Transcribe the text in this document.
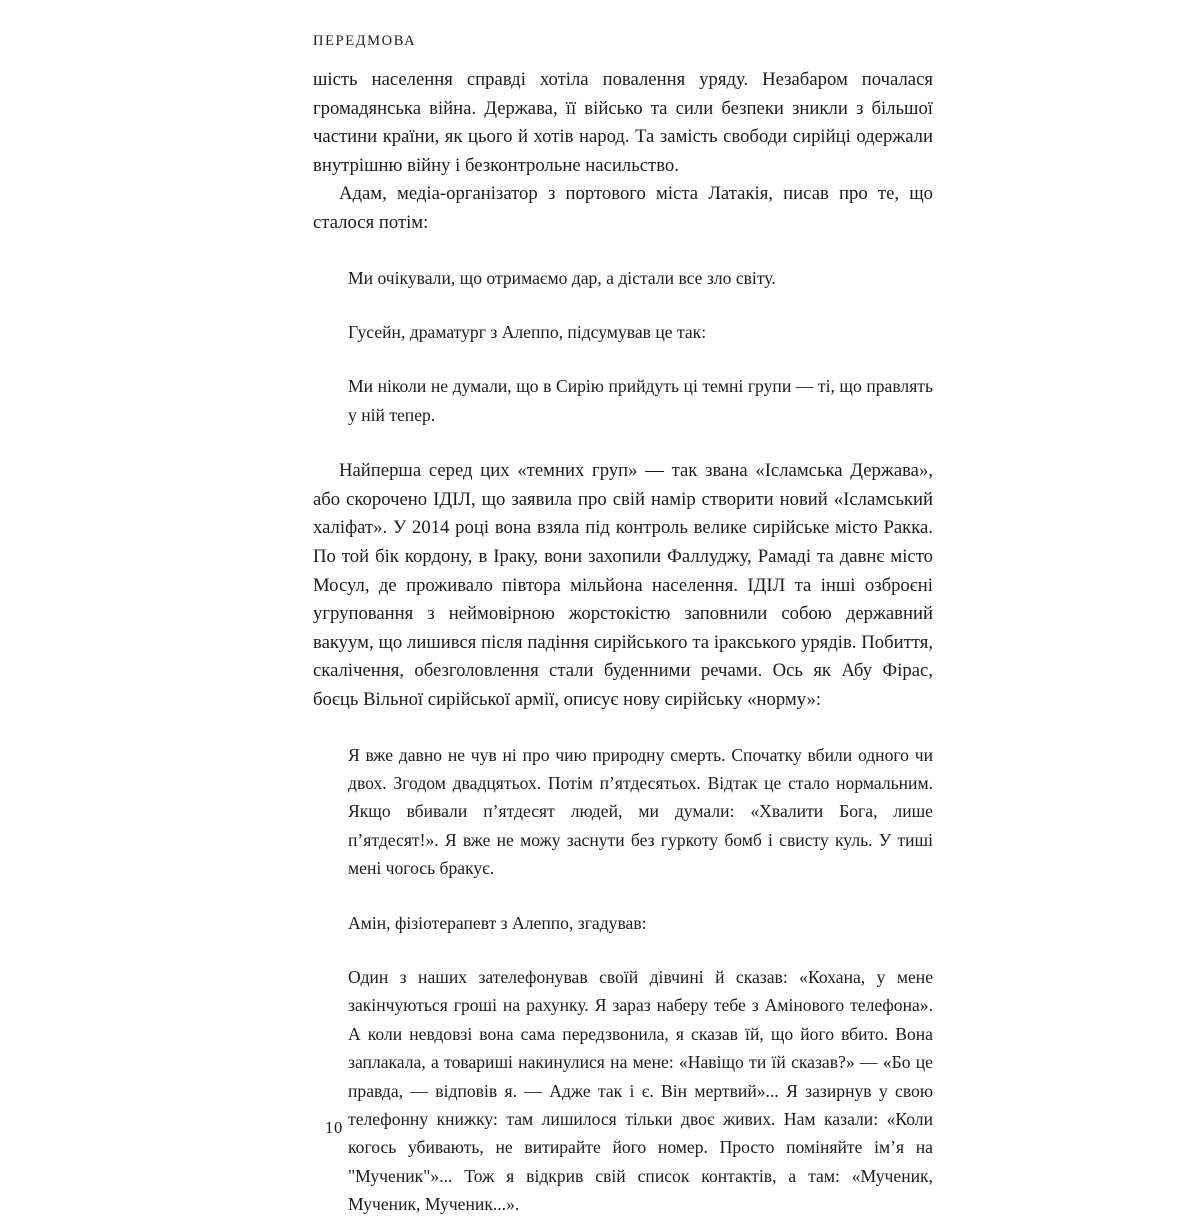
ПЕРЕДМОВА

шість населення справді хотіла повалення уряду. Незабаром почалася громадянська війна. Держава, її військо та сили безпеки зникли з більшої частини країни, як цього й хотів народ. Та замість свободи сирійці одержали внутрішню війну і безконтрольне насильство.

Адам, медіа-організатор з портового міста Латакія, писав про те, що сталося потім:

Ми очікували, що отримаємо дар, а дістали все зло світу.

Гусейн, драматург з Алеппо, підсумував це так:

Ми ніколи не думали, що в Сирію прийдуть ці темні групи — ті, що правлять у ній тепер.

Найперша серед цих «темних груп» — так звана «Ісламська Держава», або скорочено ІДІЛ, що заявила про свій намір створити новий «Ісламський халіфат». У 2014 році вона взяла під контроль велике сирійське місто Ракка. По той бік кордону, в Іраку, вони захопили Фаллуджу, Рамаді та давнє місто Мосул, де проживало півтора мільйона населення. ІДІЛ та інші озброєні угруповання з неймовірною жорстокістю заповнили собою державний вакуум, що лишився після падіння сирійського та іракського урядів. Побиття, скалічення, обезголовлення стали буденними речами. Ось як Абу Фірас, боєць Вільної сирійської армії, описує нову сирійську «норму»:

Я вже давно не чув ні про чию природну смерть. Спочатку вбили одного чи двох. Згодом двадцятьох. Потім п’ятдесятьох. Відтак це стало нормальним. Якщо вбивали п’ятдесят людей, ми думали: «Хвалити Бога, лише п’ятдесят!». Я вже не можу заснути без гуркоту бомб і свисту куль. У тиші мені чогось бракує.

Амін, фізіотерапевт з Алеппо, згадував:

Один з наших зателефонував своїй дівчині й сказав: «Кохана, у мене закінчуються гроші на рахунку. Я зараз наберу тебе з Амінового телефона». А коли невдовзі вона сама передзвонила, я сказав їй, що його вбито. Вона заплакала, а товариші накинулися на мене: «Навіщо ти їй сказав?» — «Бо це правда, — відповів я. — Адже так і є. Він мертвий»... Я зазирнув у свою телефонну книжку: там лишилося тільки двоє живих. Нам казали: «Коли когось убивають, не витирайте його номер. Просто поміняйте ім’я на "Мученик"»... Тож я відкрив свій список контактів, а там: «Мученик, Мученик, Мученик...».

10
